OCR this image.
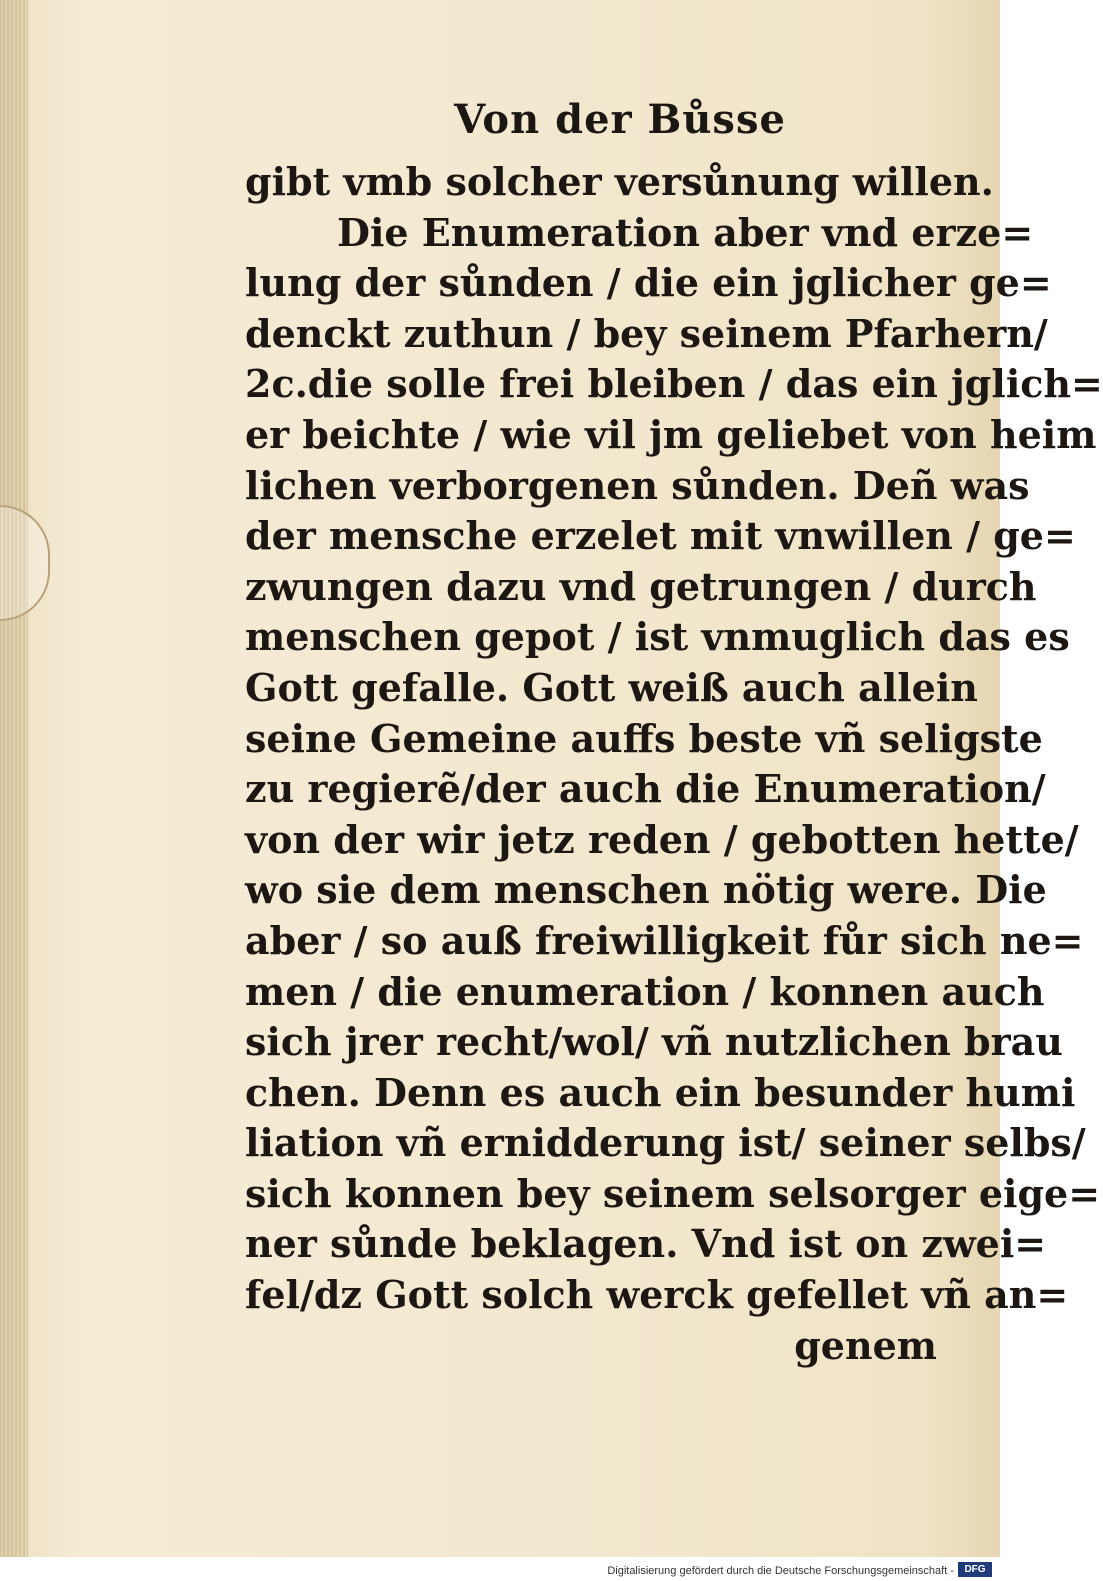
Von der Bůsse
gibt vmb solcher versůnung willen.
Die Enumeration aber vnd erze=
lung der sůnden / die ein jglicher ge=
denckt zuthun / bey seinem Pfarhern/
2c.die solle frei bleiben / das ein jglich=
er beichte / wie vil jm geliebet von heim
lichen verborgenen sůnden. Deñ was
der mensche erzelet mit vnwillen / ge=
zwungen dazu vnd getrungen / durch
menschen gepot / ist vnmuglich das es
Gott gefalle. Gott weiß auch allein
seine Gemeine auffs beste vñ seligste
zu regierẽ/der auch die Enumeration/
von der wir jetz reden / gebotten hette/
wo sie dem menschen nötig were. Die
aber / so auß freiwilligkeit fůr sich ne=
men / die enumeration / konnen auch
sich jrer recht/wol/ vñ nutzlichen brau
chen. Denn es auch ein besunder humi
liation vñ ernidderung ist/ seiner selbs/
sich konnen bey seinem selsorger eige=
ner sůnde beklagen. Vnd ist on zwei=
fel/dz Gott solch werck gefellet vñ an=
genem
Digitalisierung gefördert durch die Deutsche Forschungsgemeinschaft -	DFG
